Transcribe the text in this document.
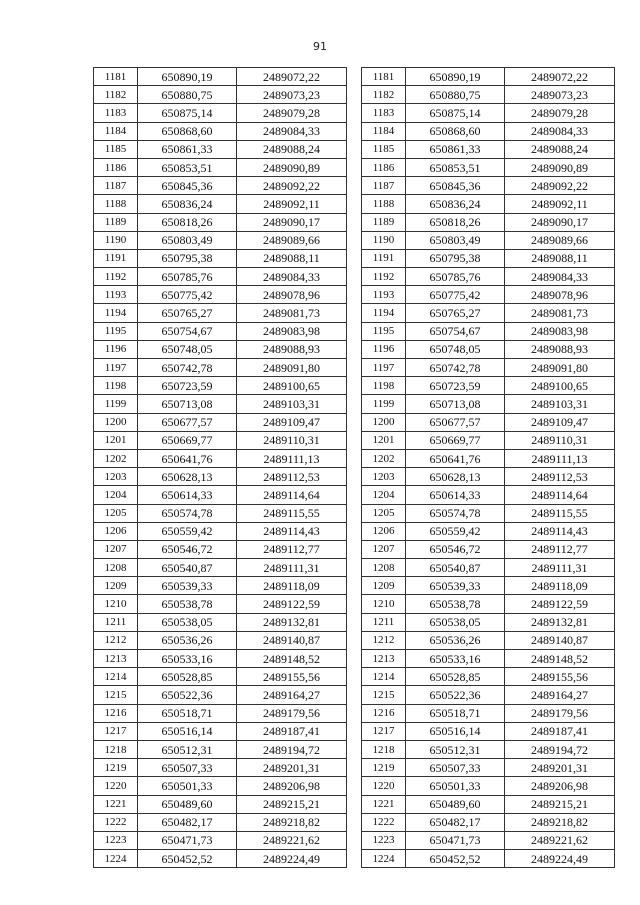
91
1181	650890,19	2489072,22
1182	650880,75	2489073,23
1183	650875,14	2489079,28
1184	650868,60	2489084,33
1185	650861,33	2489088,24
1186	650853,51	2489090,89
1187	650845,36	2489092,22
1188	650836,24	2489092,11
1189	650818,26	2489090,17
1190	650803,49	2489089,66
1191	650795,38	2489088,11
1192	650785,76	2489084,33
1193	650775,42	2489078,96
1194	650765,27	2489081,73
1195	650754,67	2489083,98
1196	650748,05	2489088,93
1197	650742,78	2489091,80
1198	650723,59	2489100,65
1199	650713,08	2489103,31
1200	650677,57	2489109,47
1201	650669,77	2489110,31
1202	650641,76	2489111,13
1203	650628,13	2489112,53
1204	650614,33	2489114,64
1205	650574,78	2489115,55
1206	650559,42	2489114,43
1207	650546,72	2489112,77
1208	650540,87	2489111,31
1209	650539,33	2489118,09
1210	650538,78	2489122,59
1211	650538,05	2489132,81
1212	650536,26	2489140,87
1213	650533,16	2489148,52
1214	650528,85	2489155,56
1215	650522,36	2489164,27
1216	650518,71	2489179,56
1217	650516,14	2489187,41
1218	650512,31	2489194,72
1219	650507,33	2489201,31
1220	650501,33	2489206,98
1221	650489,60	2489215,21
1222	650482,17	2489218,82
1223	650471,73	2489221,62
1224	650452,52	2489224,49
1181	650890,19	2489072,22
1182	650880,75	2489073,23
1183	650875,14	2489079,28
1184	650868,60	2489084,33
1185	650861,33	2489088,24
1186	650853,51	2489090,89
1187	650845,36	2489092,22
1188	650836,24	2489092,11
1189	650818,26	2489090,17
1190	650803,49	2489089,66
1191	650795,38	2489088,11
1192	650785,76	2489084,33
1193	650775,42	2489078,96
1194	650765,27	2489081,73
1195	650754,67	2489083,98
1196	650748,05	2489088,93
1197	650742,78	2489091,80
1198	650723,59	2489100,65
1199	650713,08	2489103,31
1200	650677,57	2489109,47
1201	650669,77	2489110,31
1202	650641,76	2489111,13
1203	650628,13	2489112,53
1204	650614,33	2489114,64
1205	650574,78	2489115,55
1206	650559,42	2489114,43
1207	650546,72	2489112,77
1208	650540,87	2489111,31
1209	650539,33	2489118,09
1210	650538,78	2489122,59
1211	650538,05	2489132,81
1212	650536,26	2489140,87
1213	650533,16	2489148,52
1214	650528,85	2489155,56
1215	650522,36	2489164,27
1216	650518,71	2489179,56
1217	650516,14	2489187,41
1218	650512,31	2489194,72
1219	650507,33	2489201,31
1220	650501,33	2489206,98
1221	650489,60	2489215,21
1222	650482,17	2489218,82
1223	650471,73	2489221,62
1224	650452,52	2489224,49
